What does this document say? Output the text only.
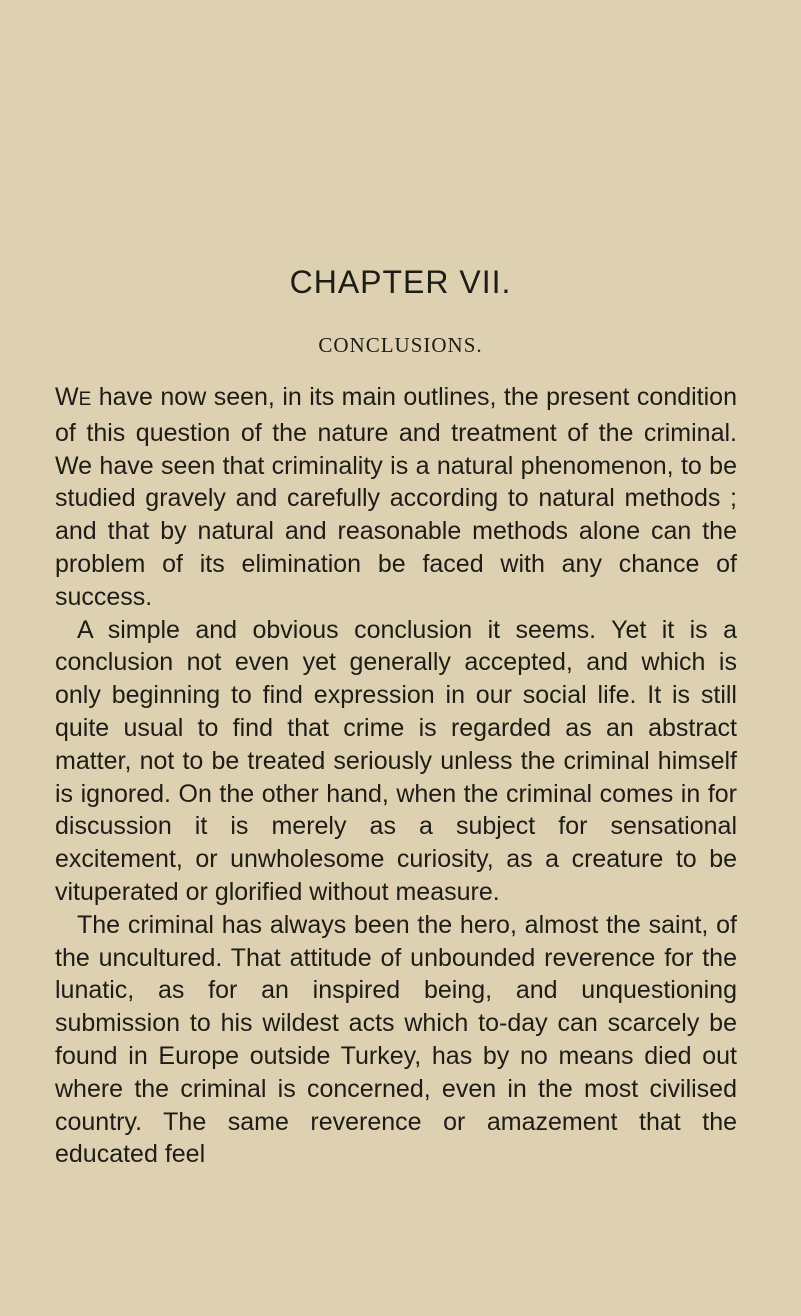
CHAPTER VII.
CONCLUSIONS.

WE have now seen, in its main outlines, the present condition of this question of the nature and treatment of the criminal. We have seen that criminality is a natural phenomenon, to be studied gravely and carefully according to natural methods ; and that by natural and reasonable methods alone can the problem of its elimination be faced with any chance of success.

A simple and obvious conclusion it seems. Yet it is a conclusion not even yet generally accepted, and which is only beginning to find expression in our social life. It is still quite usual to find that crime is regarded as an abstract matter, not to be treated seriously unless the criminal himself is ignored. On the other hand, when the criminal comes in for discussion it is merely as a subject for sensational excitement, or unwholesome curiosity, as a creature to be vituperated or glorified without measure.

The criminal has always been the hero, almost the saint, of the uncultured. That attitude of unbounded reverence for the lunatic, as for an inspired being, and unquestioning submission to his wildest acts which to-day can scarcely be found in Europe outside Turkey, has by no means died out where the criminal is concerned, even in the most civilised country. The same reverence or amazement that the educated feel
